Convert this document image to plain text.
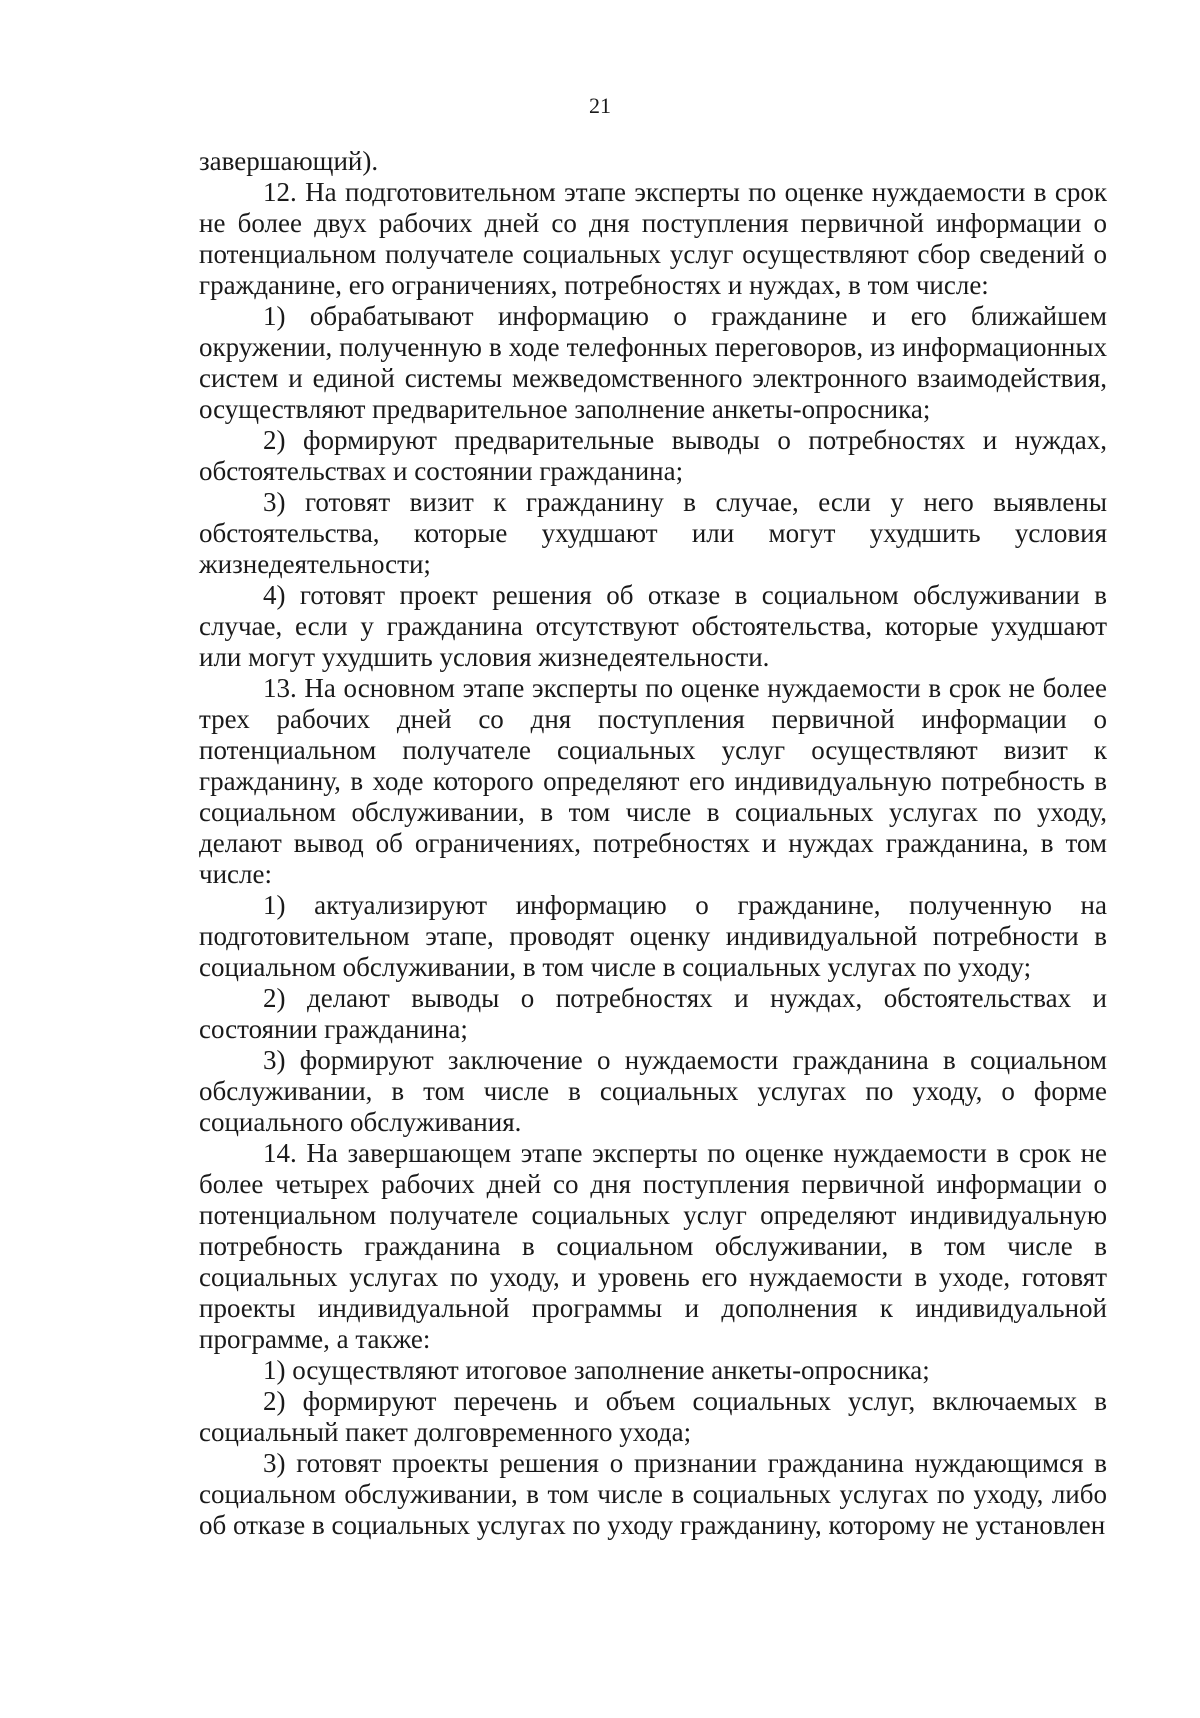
21

завершающий).

12. На подготовительном этапе эксперты по оценке нуждаемости в срок не более двух рабочих дней со дня поступления первичной информации о потенциальном получателе социальных услуг осуществляют сбор сведений о гражданине, его ограничениях, потребностях и нуждах, в том числе:

1) обрабатывают информацию о гражданине и его ближайшем окружении, полученную в ходе телефонных переговоров, из информационных систем и единой системы межведомственного электронного взаимодействия, осуществляют предварительное заполнение анкеты-опросника;

2) формируют предварительные выводы о потребностях и нуждах, обстоятельствах и состоянии гражданина;

3) готовят визит к гражданину в случае, если у него выявлены обстоятельства, которые ухудшают или могут ухудшить условия жизнедеятельности;

4) готовят проект решения об отказе в социальном обслуживании в случае, если у гражданина отсутствуют обстоятельства, которые ухудшают или могут ухудшить условия жизнедеятельности.

13. На основном этапе эксперты по оценке нуждаемости в срок не более трех рабочих дней со дня поступления первичной информации о потенциальном получателе социальных услуг осуществляют визит к гражданину, в ходе которого определяют его индивидуальную потребность в социальном обслуживании, в том числе в социальных услугах по уходу, делают вывод об ограничениях, потребностях и нуждах гражданина, в том числе:

1) актуализируют информацию о гражданине, полученную на подготовительном этапе, проводят оценку индивидуальной потребности в социальном обслуживании, в том числе в социальных услугах по уходу;

2) делают выводы о потребностях и нуждах, обстоятельствах и состоянии гражданина;

3) формируют заключение о нуждаемости гражданина в социальном обслуживании, в том числе в социальных услугах по уходу, о форме социального обслуживания.

14. На завершающем этапе эксперты по оценке нуждаемости в срок не более четырех рабочих дней со дня поступления первичной информации о потенциальном получателе социальных услуг определяют индивидуальную потребность гражданина в социальном обслуживании, в том числе в социальных услугах по уходу, и уровень его нуждаемости в уходе, готовят проекты индивидуальной программы и дополнения к индивидуальной программе, а также:

1) осуществляют итоговое заполнение анкеты-опросника;

2) формируют перечень и объем социальных услуг, включаемых в социальный пакет долговременного ухода;

3) готовят проекты решения о признании гражданина нуждающимся в социальном обслуживании, в том числе в социальных услугах по уходу, либо об отказе в социальных услугах по уходу гражданину, которому не установлен
